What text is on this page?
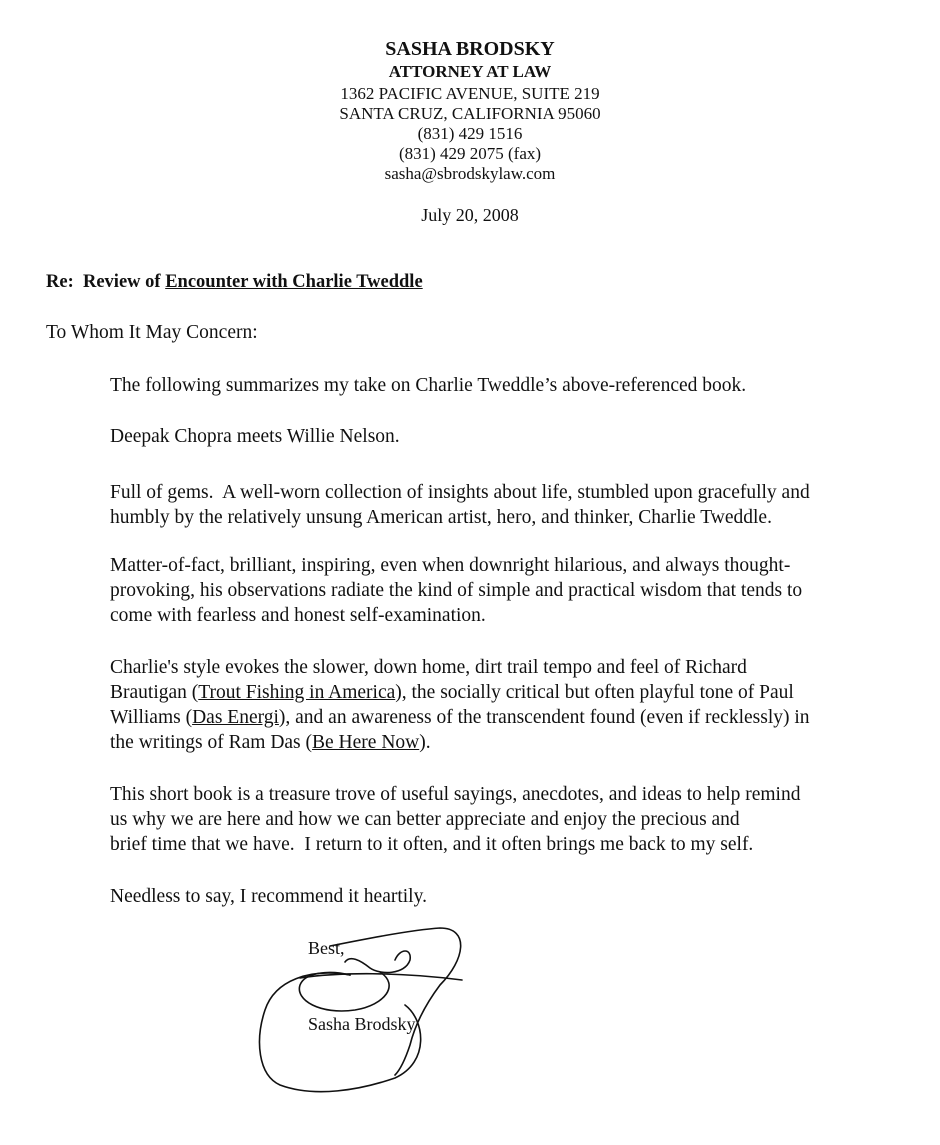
SASHA BRODSKY
ATTORNEY AT LAW
1362 PACIFIC AVENUE, SUITE 219
SANTA CRUZ, CALIFORNIA 95060
(831) 429 1516
(831) 429 2075 (fax)
sasha@sbrodskylaw.com
July 20, 2008
Re:  Review of Encounter with Charlie Tweddle
To Whom It May Concern:
The following summarizes my take on Charlie Tweddle’s above-referenced book.
Deepak Chopra meets Willie Nelson.
Full of gems.  A well-worn collection of insights about life, stumbled upon gracefully and
humbly by the relatively unsung American artist, hero, and thinker, Charlie Tweddle.
Matter-of-fact, brilliant, inspiring, even when downright hilarious, and always thought-
provoking, his observations radiate the kind of simple and practical wisdom that tends to
come with fearless and honest self-examination.
Charlie's style evokes the slower, down home, dirt trail tempo and feel of Richard
Brautigan (Trout Fishing in America), the socially critical but often playful tone of Paul
Williams (Das Energi), and an awareness of the transcendent found (even if recklessly) in
the writings of Ram Das (Be Here Now).
This short book is a treasure trove of useful sayings, anecdotes, and ideas to help remind
us why we are here and how we can better appreciate and enjoy the precious and
brief time that we have.  I return to it often, and it often brings me back to my self.
Needless to say, I recommend it heartily.
Best,
Sasha Brodsky
